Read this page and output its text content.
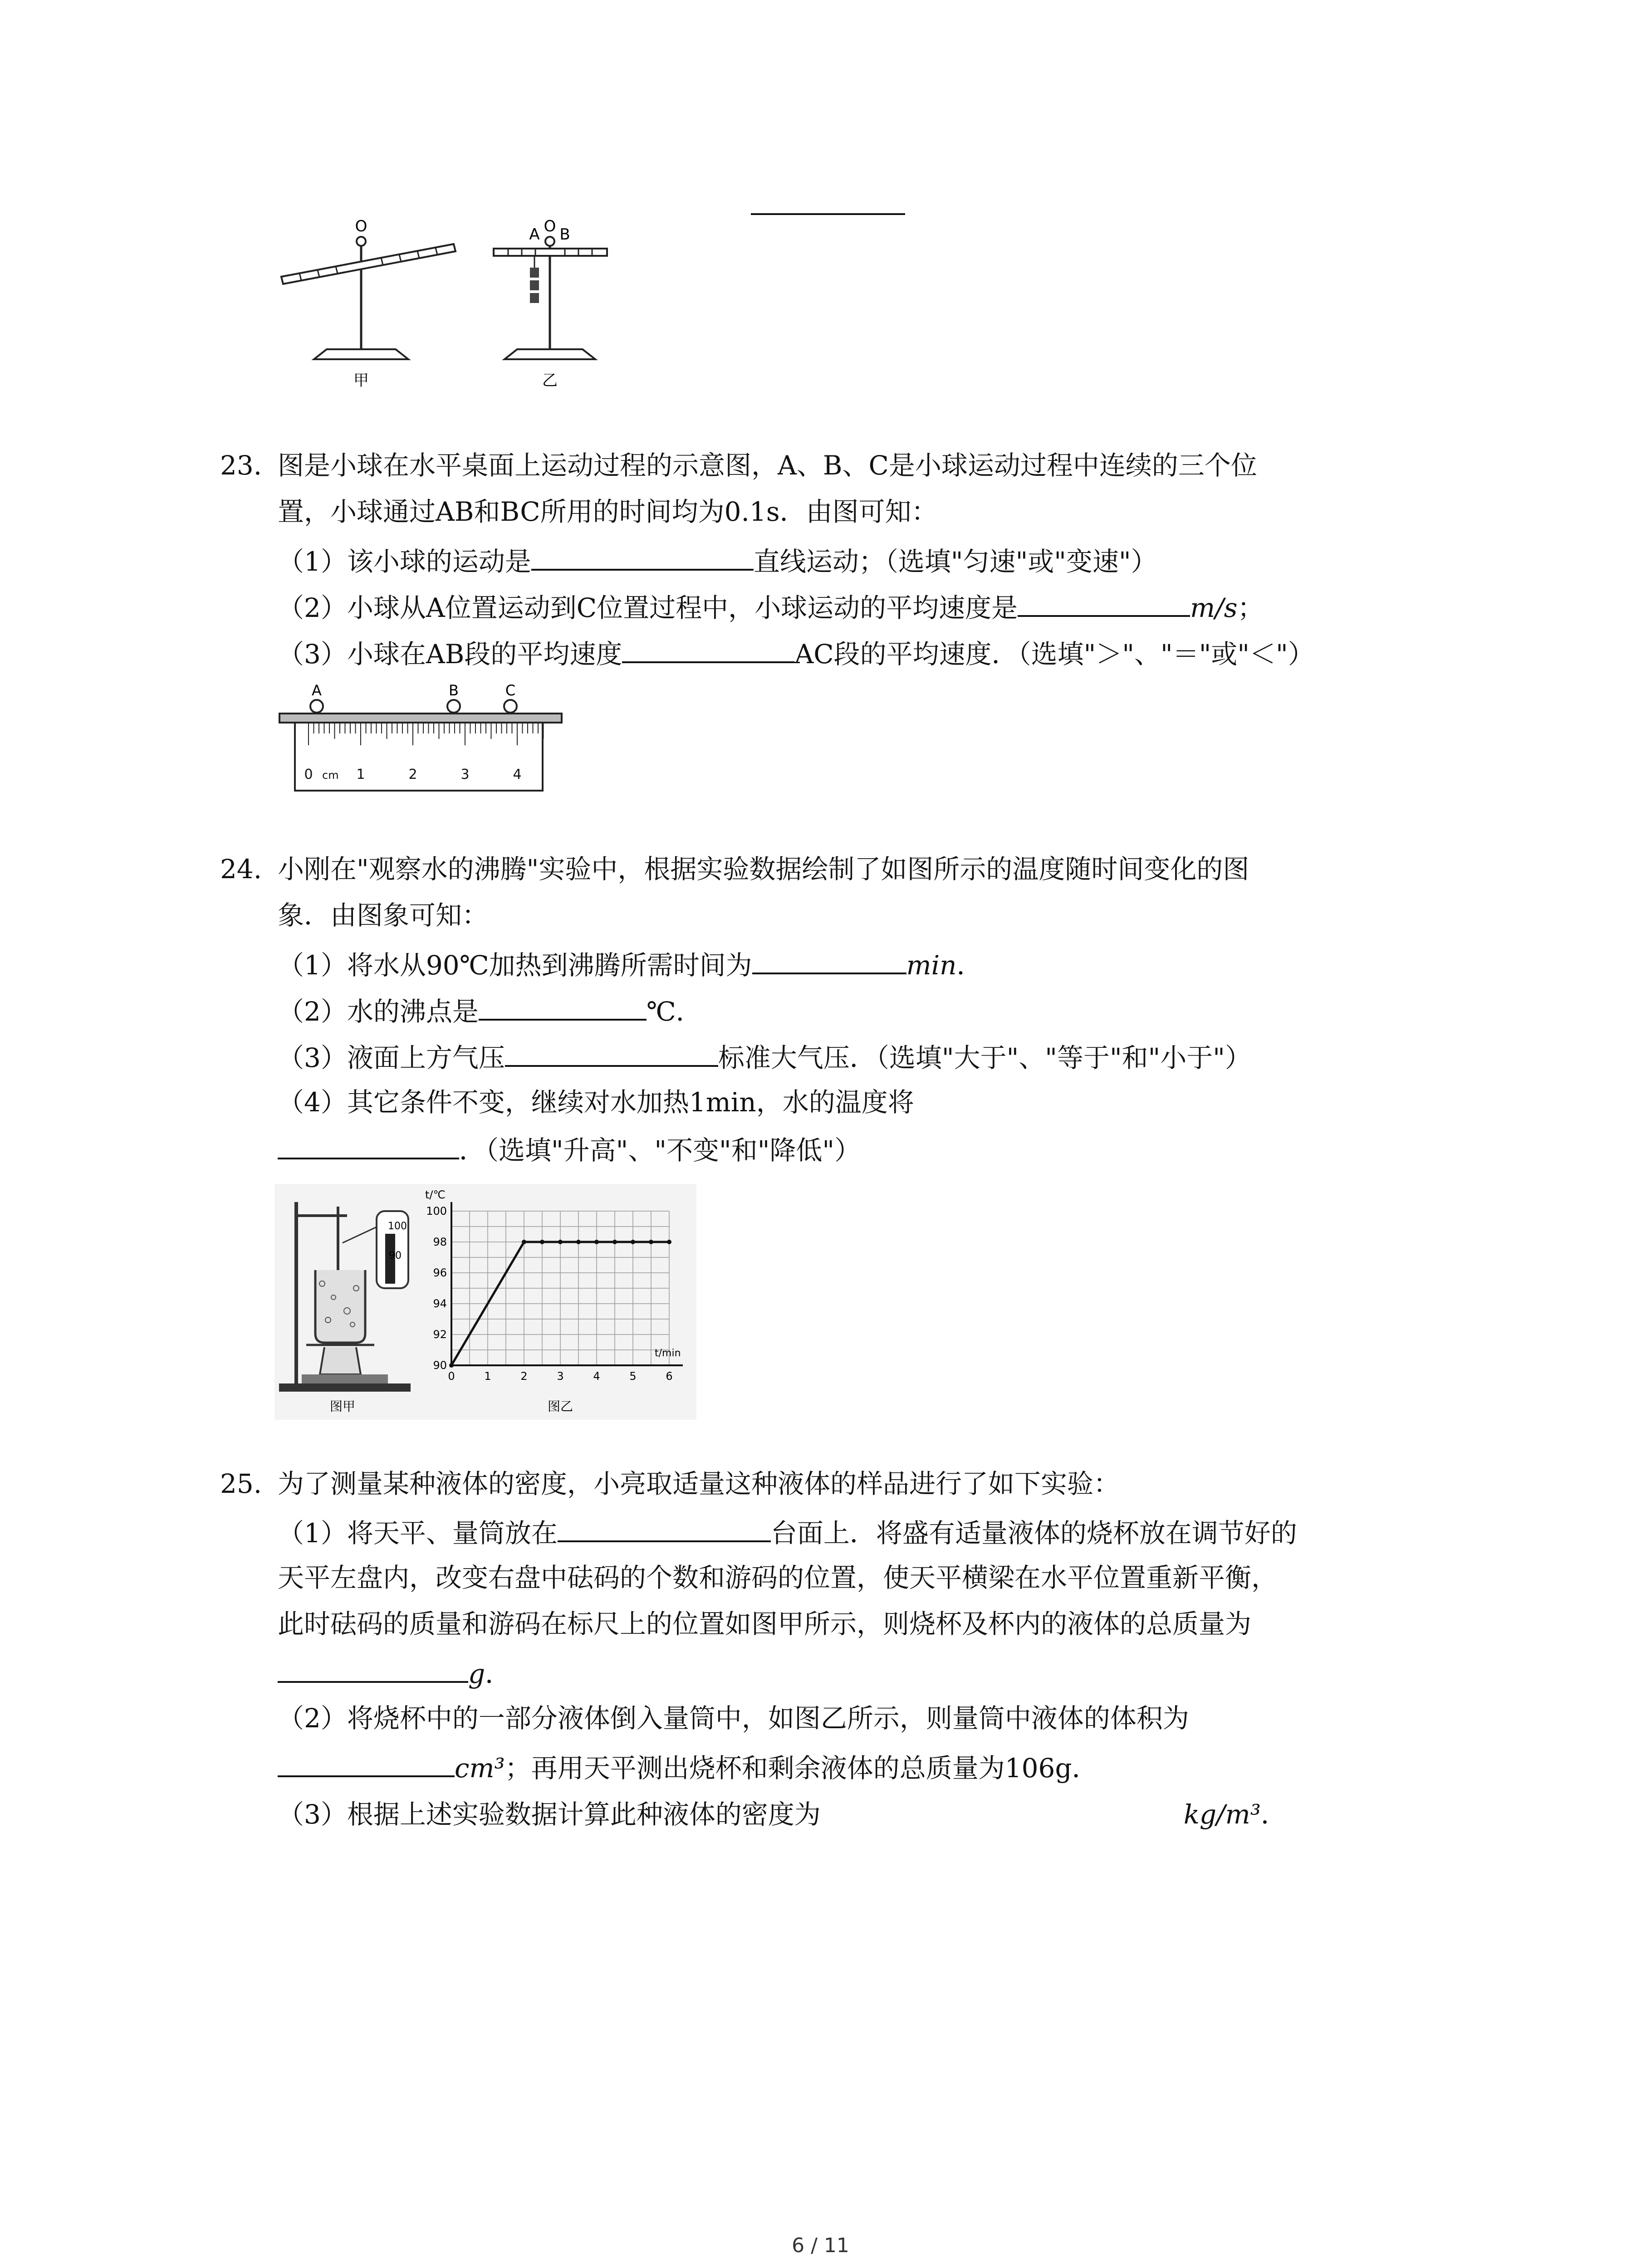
O
甲
A B
O
乙
23. 图是小球在水平桌面上运动过程的示意图，A、B、C是小球运动过程中连续的三个位
置，小球通过AB和BC所用的时间均为0.1s．由图可知：
（1）该小球的运动是	直线运动；（选填"匀速"或"变速"）
（2）小球从A位置运动到C位置过程中，小球运动的平均速度是	m/s；
（3）小球在AB段的平均速度	AC段的平均速度．（选填"＞"、"＝"或"＜"）
A	B	C
0 cm 1	2	3	4
24. 小刚在"观察水的沸腾"实验中，根据实验数据绘制了如图所示的温度随时间变化的图
象．由图象可知：
（1）将水从90℃加热到沸腾所需时间为	min．
（2）水的沸点是	℃．
（3）液面上方气压	标准大气压．（选填"大于"、"等于"和"小于"）
（4）其它条件不变，继续对水加热1min，水的温度将
．（选填"升高"、"不变"和"降低"）
100
90
图甲
90
92
94
96
98
100
0	1	2	3	4	5	6
t/℃
t/min
图乙
25. 为了测量某种液体的密度，小亮取适量这种液体的样品进行了如下实验：
（1）将天平、量筒放在	台面上．将盛有适量液体的烧杯放在调节好的
天平左盘内，改变右盘中砝码的个数和游码的位置，使天平横梁在水平位置重新平衡，
此时砝码的质量和游码在标尺上的位置如图甲所示，则烧杯及杯内的液体的总质量为
g．
（2）将烧杯中的一部分液体倒入量筒中，如图乙所示，则量筒中液体的体积为
cm³；再用天平测出烧杯和剩余液体的总质量为106g．
（3）根据上述实验数据计算此种液体的密度为	kg/m³．
6 / 11
